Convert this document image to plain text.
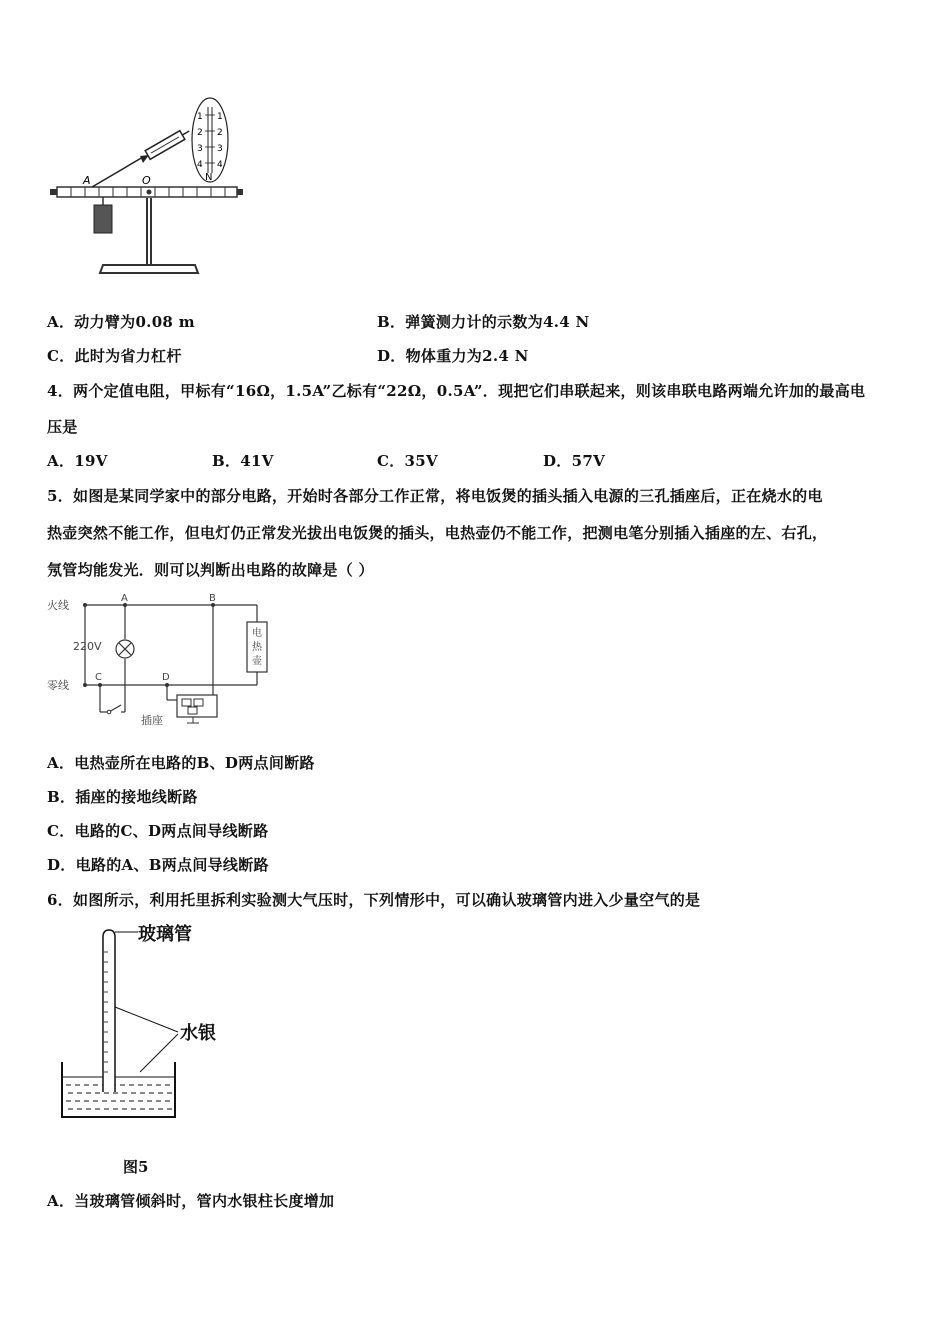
1
2
3
4
1
2
3
4
N
A	O
A．动力臂为0.08 m	B．弹簧测力计的示数为4.4 N
C．此时为省力杠杆	D．物体重力为2.4 N
4．两个定值电阻，甲标有“16Ω，1.5A”乙标有“22Ω，0.5A”．现把它们串联起来，则该串联电路两端允许加的最高电
压是
A．19V	B．41V	C．35V	D．57V
5．如图是某同学家中的部分电路，开始时各部分工作正常，将电饭煲的插头插入电源的三孔插座后，正在烧水的电
热壶突然不能工作，但电灯仍正常发光拔出电饭煲的插头，电热壶仍不能工作，把测电笔分别插入插座的左、右孔，
氖管均能发光．则可以判断出电路的故障是（ ）
电
热
壶
火线
零线
220V
A	B
C	D
插座
A．电热壶所在电路的B、D两点间断路
B．插座的接地线断路
C．电路的C、D两点间导线断路
D．电路的A、B两点间导线断路
6．如图所示，利用托里拆利实验测大气压时，下列情形中，可以确认玻璃管内进入少量空气的是
玻璃管
水银
图5
A．当玻璃管倾斜时，管内水银柱长度增加
